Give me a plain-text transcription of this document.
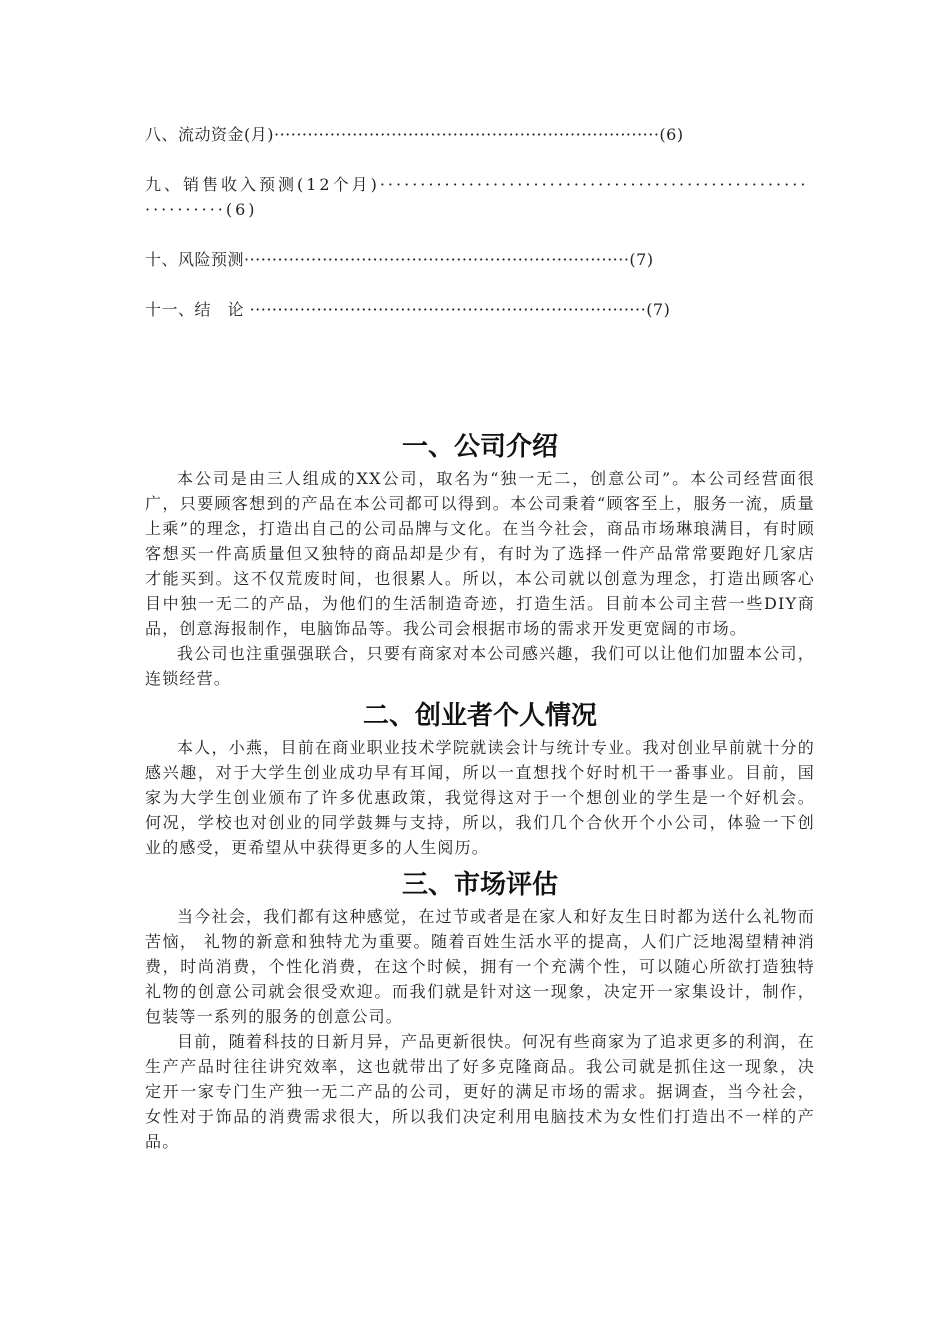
八、流动资金(月)·····································································(6)
九、销售收入预测(12个月)·······························································(6)
十、风险预测·····································································(7)
十一、结　论 ·······································································(7)
一、公司介绍

本公司是由三人组成的XX公司，取名为“独一无二，创意公司”。本公司经营面很广，只要顾客想到的产品在本公司都可以得到。本公司秉着“顾客至上，服务一流，质量上乘”的理念，打造出自己的公司品牌与文化。在当今社会，商品市场琳琅满目，有时顾客想买一件高质量但又独特的商品却是少有，有时为了选择一件产品常常要跑好几家店才能买到。这不仅荒废时间，也很累人。所以，本公司就以创意为理念，打造出顾客心目中独一无二的产品，为他们的生活制造奇迹，打造生活。目前本公司主营一些DIY商品，创意海报制作，电脑饰品等。我公司会根据市场的需求开发更宽阔的市场。

我公司也注重强强联合，只要有商家对本公司感兴趣，我们可以让他们加盟本公司，连锁经营。

二、创业者个人情况

本人，小燕，目前在商业职业技术学院就读会计与统计专业。我对创业早前就十分的感兴趣，对于大学生创业成功早有耳闻，所以一直想找个好时机干一番事业。目前，国家为大学生创业颁布了许多优惠政策，我觉得这对于一个想创业的学生是一个好机会。何况，学校也对创业的同学鼓舞与支持，所以，我们几个合伙开个小公司，体验一下创业的感受，更希望从中获得更多的人生阅历。

三、市场评估

当今社会，我们都有这种感觉，在过节或者是在家人和好友生日时都为送什么礼物而苦恼， 礼物的新意和独特尤为重要。随着百姓生活水平的提高，人们广泛地渴望精神消费，时尚消费，个性化消费，在这个时候，拥有一个充满个性，可以随心所欲打造独特礼物的创意公司就会很受欢迎。而我们就是针对这一现象，决定开一家集设计，制作，包装等一系列的服务的创意公司。

目前，随着科技的日新月异，产品更新很快。何况有些商家为了追求更多的利润，在生产产品时往往讲究效率，这也就带出了好多克隆商品。我公司就是抓住这一现象，决定开一家专门生产独一无二产品的公司，更好的满足市场的需求。据调查，当今社会，女性对于饰品的消费需求很大，所以我们决定利用电脑技术为女性们打造出不一样的产品。
